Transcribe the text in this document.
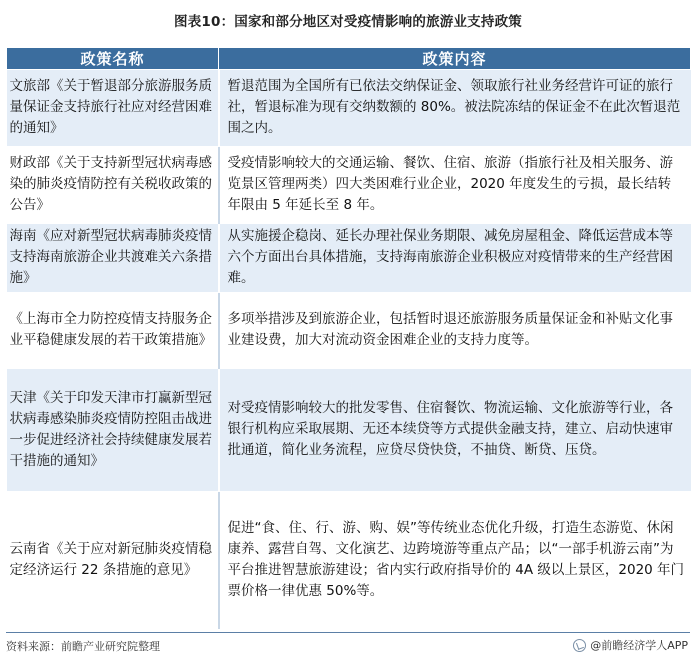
图表10：国家和部分地区对受疫情影响的旅游业支持政策
政策名称	政策内容
文旅部《关于暂退部分旅游服务质量保证金支持旅行社应对经营困难的通知》	暂退范围为全国所有已依法交纳保证金、领取旅行社业务经营许可证的旅行社，暂退标准为现有交纳数额的 80%。被法院冻结的保证金不在此次暂退范围之内。
财政部《关于支持新型冠状病毒感染的肺炎疫情防控有关税收政策的公告》	受疫情影响较大的交通运输、餐饮、住宿、旅游（指旅行社及相关服务、游览景区管理两类）四大类困难行业企业，2020 年度发生的亏损，最长结转年限由 5 年延长至 8 年。
海南《应对新型冠状病毒肺炎疫情支持海南旅游企业共渡难关六条措施》	从实施援企稳岗、延长办理社保业务期限、减免房屋租金、降低运营成本等六个方面出台具体措施，支持海南旅游企业积极应对疫情带来的生产经营困难。
《上海市全力防控疫情支持服务企业平稳健康发展的若干政策措施》	多项举措涉及到旅游企业，包括暂时退还旅游服务质量保证金和补贴文化事业建设费，加大对流动资金困难企业的支持力度等。
天津《关于印发天津市打赢新型冠状病毒感染肺炎疫情防控阻击战进一步促进经济社会持续健康发展若干措施的通知》	对受疫情影响较大的批发零售、住宿餐饮、物流运输、文化旅游等行业，各银行机构应采取展期、无还本续贷等方式提供金融支持，建立、启动快速审批通道，简化业务流程，应贷尽贷快贷，不抽贷、断贷、压贷。
云南省《关于应对新冠肺炎疫情稳定经济运行 22 条措施的意见》	促进“食、住、行、游、购、娱”等传统业态优化升级，打造生态游览、休闲康养、露营自驾、文化演艺、边跨境游等重点产品；以“一部手机游云南”为平台推进智慧旅游建设；省内实行政府指导价的 4A 级以上景区，2020 年门票价格一律优惠 50%等。
资料来源：前瞻产业研究院整理	@前瞻经济学人APP
